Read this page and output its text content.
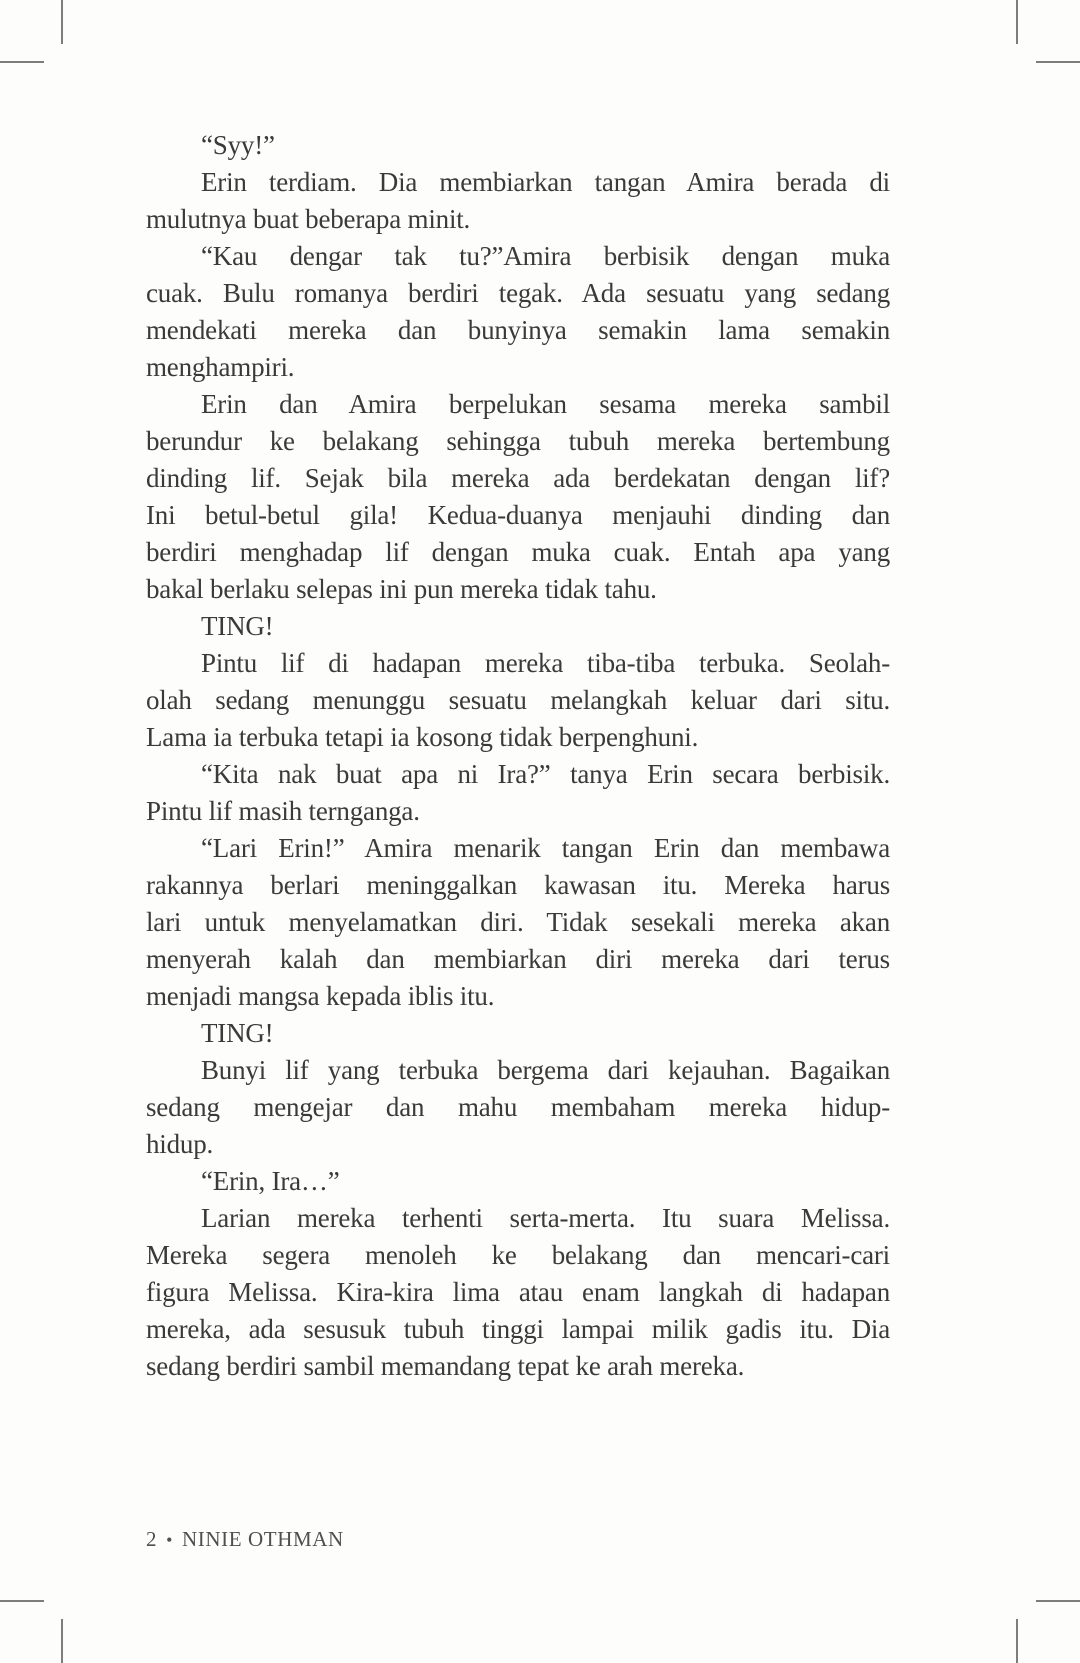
“Syy!”
Erin terdiam. Dia membiarkan tangan Amira berada di
mulutnya buat beberapa minit.
“Kau dengar tak tu?”Amira berbisik dengan muka
cuak. Bulu romanya berdiri tegak. Ada sesuatu yang sedang
mendekati mereka dan bunyinya semakin lama semakin
menghampiri.
Erin dan Amira berpelukan sesama mereka sambil
berundur ke belakang sehingga tubuh mereka bertembung
dinding lif. Sejak bila mereka ada berdekatan dengan lif?
Ini betul-betul gila! Kedua-duanya menjauhi dinding dan
berdiri menghadap lif dengan muka cuak. Entah apa yang
bakal berlaku selepas ini pun mereka tidak tahu.
TING!
Pintu lif di hadapan mereka tiba-tiba terbuka. Seolah-
olah sedang menunggu sesuatu melangkah keluar dari situ.
Lama ia terbuka tetapi ia kosong tidak berpenghuni.
“Kita nak buat apa ni Ira?” tanya Erin secara berbisik.
Pintu lif masih ternganga.
“Lari Erin!” Amira menarik tangan Erin dan membawa
rakannya berlari meninggalkan kawasan itu. Mereka harus
lari untuk menyelamatkan diri. Tidak sesekali mereka akan
menyerah kalah dan membiarkan diri mereka dari terus
menjadi mangsa kepada iblis itu.
TING!
Bunyi lif yang terbuka bergema dari kejauhan. Bagaikan
sedang mengejar dan mahu membaham mereka hidup-
hidup.
“Erin, Ira…”
Larian mereka terhenti serta-merta. Itu suara Melissa.
Mereka segera menoleh ke belakang dan mencari-cari
figura Melissa. Kira-kira lima atau enam langkah di hadapan
mereka, ada sesusuk tubuh tinggi lampai milik gadis itu. Dia
sedang berdiri sambil memandang tepat ke arah mereka.
2 • NINIE OTHMAN
